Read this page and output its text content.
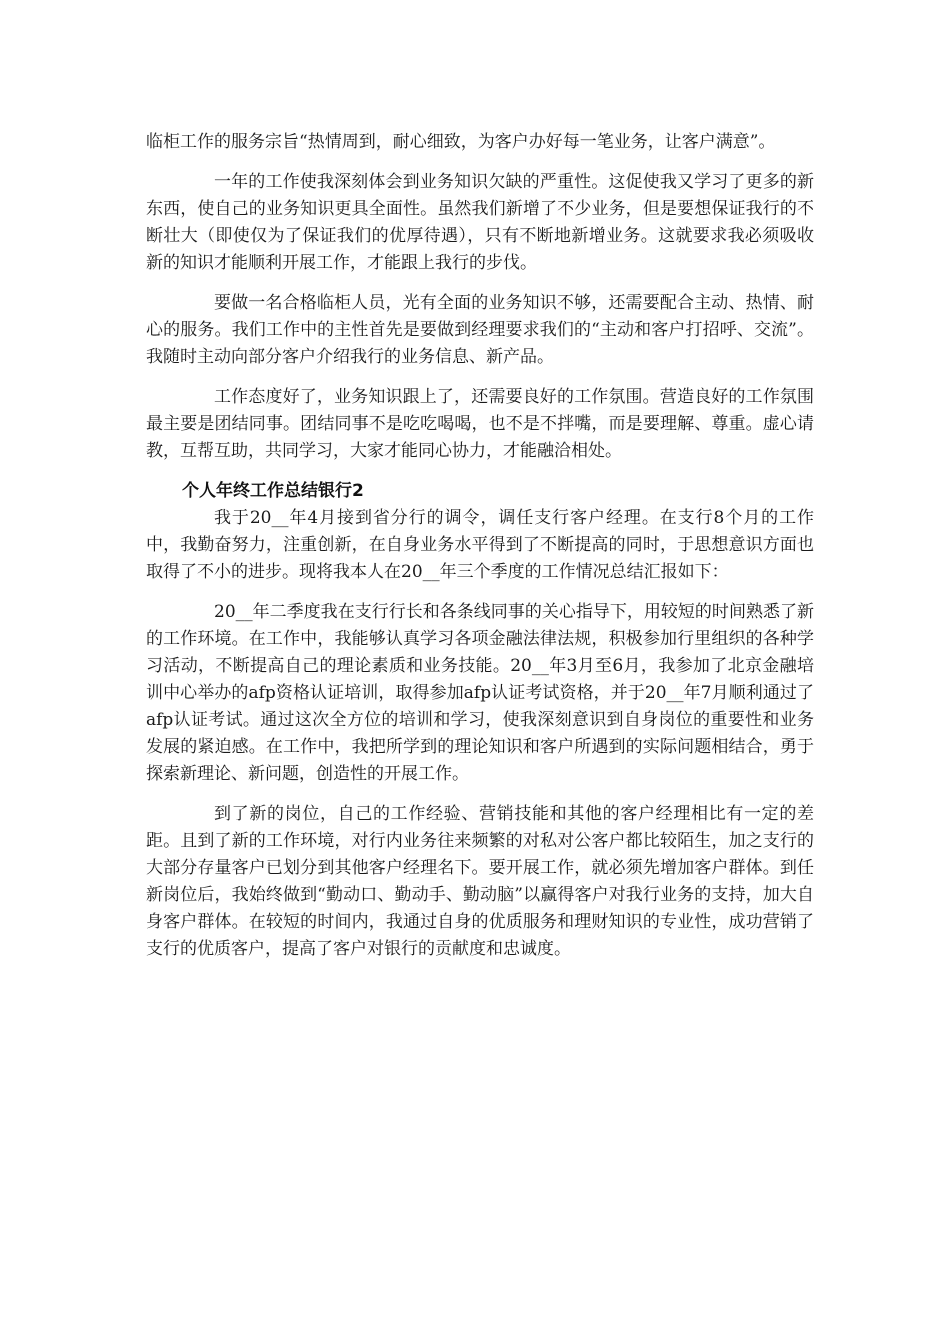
临柜工作的服务宗旨“热情周到，耐心细致，为客户办好每一笔业务，让客户满意”。

一年的工作使我深刻体会到业务知识欠缺的严重性。这促使我又学习了更多的新东西，使自己的业务知识更具全面性。虽然我们新增了不少业务，但是要想保证我行的不断壮大（即使仅为了保证我们的优厚待遇），只有不断地新增业务。这就要求我必须吸收新的知识才能顺利开展工作，才能跟上我行的步伐。

要做一名合格临柜人员，光有全面的业务知识不够，还需要配合主动、热情、耐心的服务。我们工作中的主性首先是要做到经理要求我们的“主动和客户打招呼、交流”。我随时主动向部分客户介绍我行的业务信息、新产品。

工作态度好了，业务知识跟上了，还需要良好的工作氛围。营造良好的工作氛围最主要是团结同事。团结同事不是吃吃喝喝，也不是不拌嘴，而是要理解、尊重。虚心请教，互帮互助，共同学习，大家才能同心协力，才能融洽相处。

个人年终工作总结银行2

我于20__年4月接到省分行的调令，调任支行客户经理。在支行8个月的工作中，我勤奋努力，注重创新，在自身业务水平得到了不断提高的同时，于思想意识方面也取得了不小的进步。现将我本人在20__年三个季度的工作情况总结汇报如下：

20__年二季度我在支行行长和各条线同事的关心指导下，用较短的时间熟悉了新的工作环境。在工作中，我能够认真学习各项金融法律法规，积极参加行里组织的各种学习活动，不断提高自己的理论素质和业务技能。20__年3月至6月，我参加了北京金融培训中心举办的afp资格认证培训，取得参加afp认证考试资格，并于20__年7月顺利通过了afp认证考试。通过这次全方位的培训和学习，使我深刻意识到自身岗位的重要性和业务发展的紧迫感。在工作中，我把所学到的理论知识和客户所遇到的实际问题相结合，勇于探索新理论、新问题，创造性的开展工作。

到了新的岗位，自己的工作经验、营销技能和其他的客户经理相比有一定的差距。且到了新的工作环境，对行内业务往来频繁的对私对公客户都比较陌生，加之支行的大部分存量客户已划分到其他客户经理名下。要开展工作，就必须先增加客户群体。到任新岗位后，我始终做到“勤动口、勤动手、勤动脑”以赢得客户对我行业务的支持，加大自身客户群体。在较短的时间内，我通过自身的优质服务和理财知识的专业性，成功营销了支行的优质客户，提高了客户对银行的贡献度和忠诚度。
